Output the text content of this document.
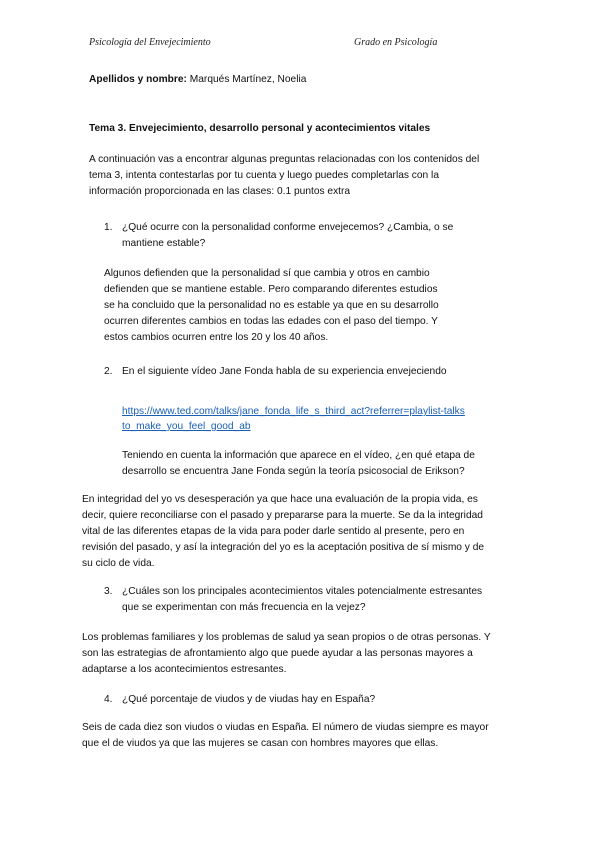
Psicología del Envejecimiento	Grado en Psicología
Apellidos y nombre: Marqués Martínez, Noelia
Tema 3. Envejecimiento, desarrollo personal y acontecimientos vitales
A continuación vas a encontrar algunas preguntas relacionadas con los contenidos del
tema 3, intenta contestarlas por tu cuenta y luego puedes completarlas con la
información proporcionada en las clases: 0.1 puntos extra
1. ¿Qué ocurre con la personalidad conforme envejecemos? ¿Cambia, o se
mantiene estable?
Algunos defienden que la personalidad sí que cambia y otros en cambio
defienden que se mantiene estable. Pero comparando diferentes estudios
se ha concluido que la personalidad no es estable ya que en su desarrollo
ocurren diferentes cambios en todas las edades con el paso del tiempo. Y
estos cambios ocurren entre los 20 y los 40 años.
2. En el siguiente vídeo Jane Fonda habla de su experiencia envejeciendo
https://www.ted.com/talks/jane_fonda_life_s_third_act?referrer=playlist-talks
to_make_you_feel_good_ab
Teniendo en cuenta la información que aparece en el vídeo, ¿en qué etapa de
desarrollo se encuentra Jane Fonda según la teoría psicosocial de Erikson?
En integridad del yo vs desesperación ya que hace una evaluación de la propia vida, es
decir, quiere reconciliarse con el pasado y prepararse para la muerte. Se da la integridad
vital de las diferentes etapas de la vida para poder darle sentido al presente, pero en
revisión del pasado, y así la integración del yo es la aceptación positiva de sí mismo y de
su ciclo de vida.
3. ¿Cuáles son los principales acontecimientos vitales potencialmente estresantes
que se experimentan con más frecuencia en la vejez?
Los problemas familiares y los problemas de salud ya sean propios o de otras personas. Y
son las estrategias de afrontamiento algo que puede ayudar a las personas mayores a
adaptarse a los acontecimientos estresantes.
4. ¿Qué porcentaje de viudos y de viudas hay en España?
Seis de cada diez son viudos o viudas en España. El número de viudas siempre es mayor
que el de viudos ya que las mujeres se casan con hombres mayores que ellas.
